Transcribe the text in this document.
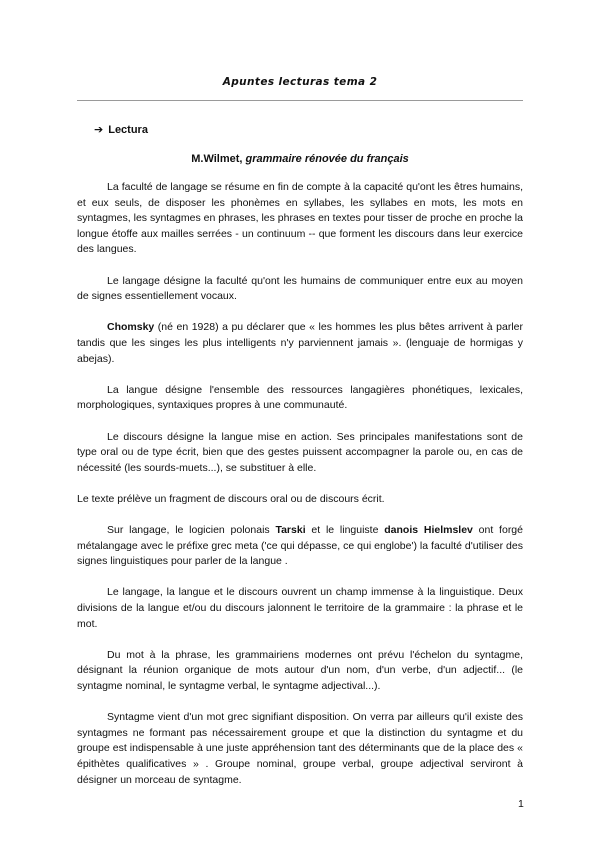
Apuntes lecturas tema 2
➔ Lectura
M.Wilmet, grammaire rénovée du français

La faculté de langage se résume en fin de compte à la capacité qu'ont les êtres humains, et eux seuls, de disposer les phonèmes en syllabes, les syllabes en mots, les mots en syntagmes, les syntagmes en phrases, les phrases en textes pour tisser de proche en proche la longue étoffe aux mailles serrées - un continuum -- que forment les discours dans leur exercice des langues.

Le langage désigne la faculté qu'ont les humains de communiquer entre eux au moyen de signes essentiellement vocaux.

Chomsky (né en 1928) a pu déclarer que « les hommes les plus bêtes arrivent à parler tandis que les singes les plus intelligents n'y parviennent jamais ». (lenguaje de hormigas y abejas).

La langue désigne l'ensemble des ressources langagières phonétiques, lexicales, morphologiques, syntaxiques propres à une communauté.

Le discours désigne la langue mise en action. Ses principales manifestations sont de type oral ou de type écrit, bien que des gestes puissent accompagner la parole ou, en cas de nécessité (les sourds-muets...), se substituer à elle.

Le texte prélève un fragment de discours oral ou de discours écrit.

Sur langage, le logicien polonais Tarski et le linguiste danois Hielmslev ont forgé métalangage avec le préfixe grec meta ('ce qui dépasse, ce qui englobe') la faculté d'utiliser des signes linguistiques pour parler de la langue .

Le langage, la langue et le discours ouvrent un champ immense à la linguistique. Deux divisions de la langue et/ou du discours jalonnent le territoire de la grammaire : la phrase et le mot.

Du mot à la phrase, les grammairiens modernes ont prévu l'échelon du syntagme, désignant la réunion organique de mots autour d'un nom, d'un verbe, d'un adjectif... (le syntagme nominal, le syntagme verbal, le syntagme adjectival...).

Syntagme vient d'un mot grec signifiant disposition. On verra par ailleurs qu'il existe des syntagmes ne formant pas nécessairement groupe et que la distinction du syntagme et du groupe est indispensable à une juste appréhension tant des déterminants que de la place des « épithètes qualificatives » . Groupe nominal, groupe verbal, groupe adjectival serviront à désigner un morceau de syntagme.

1
